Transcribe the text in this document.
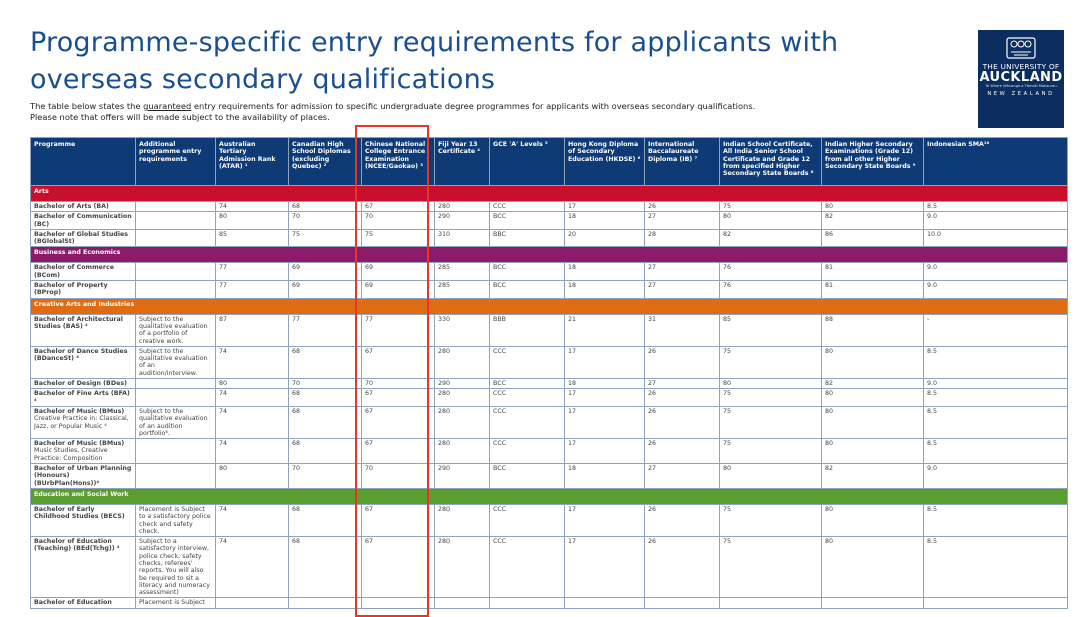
Programme-specific entry requirements for applicants with overseas secondary qualifications
The table below states the guaranteed entry requirements for admission to specific undergraduate degree programmes for applicants with overseas secondary qualifications.
Please note that offers will be made subject to the availability of places.
THE UNIVERSITY OF
AUCKLAND
Te Whare Wānanga o Tāmaki Makaurau
NEW ZEALAND
Programme	Additional programme entry requirements	Australian Tertiary Admission Rank (ATAR) ¹	Canadian High School Diplomas (excluding Quebec) ²	Chinese National College Entrance Examination (NCEE/Gaokao) ³	Fiji Year 13 Certificate ⁴	GCE 'A' Levels ⁵	Hong Kong Diploma of Secondary Education (HKDSE) ⁶	International Baccalaureate Diploma (IB) ⁷	Indian School Certificate, All India Senior School Certificate and Grade 12 from specified Higher Secondary State Boards ⁸	Indian Higher Secondary Examinations (Grade 12) from all other Higher Secondary State Boards ⁹	Indonesian SMA¹⁰
Arts											
Bachelor of Arts (BA)		74	68	67	280	CCC	17	26	75	80	8.5
Bachelor of Communication (BC)		80	70	70	290	BCC	18	27	80	82	9.0
Bachelor of Global Studies (BGlobalSt)		85	75	75	310	BBC	20	28	82	86	10.0
Business and Economics											
Bachelor of Commerce (BCom)		77	69	69	285	BCC	18	27	76	81	9.0
Bachelor of Property (BProp)		77	69	69	285	BCC	18	27	76	81	9.0
Creative Arts and Industries											
Bachelor of Architectural Studies (BAS) ⁴	Subject to the qualitative evaluation of a portfolio of creative work.	87	77	77	330	BBB	21	31	85	88	-
Bachelor of Dance Studies (BDanceSt) ⁴	Subject to the qualitative evaluation of an audition/interview.	74	68	67	280	CCC	17	26	75	80	8.5
Bachelor of Design (BDes)		80	70	70	290	BCC	18	27	80	82	9.0
Bachelor of Fine Arts (BFA) ⁴		74	68	67	280	CCC	17	26	75	80	8.5

Bachelor of Music (BMus)
Creative Practice in: Classical, Jazz, or Popular Music ⁴	Subject to the qualitative evaluation of an audition portfolio⁴.	74	68	67	280	CCC	17	26	75	80	8.5

Bachelor of Music (BMus)
Music Studies, Creative Practice: Composition		74	68	67	280	CCC	17	26	75	80	8.5
Bachelor of Urban Planning (Honours) (BUrbPlan(Hons))⁴		80	70	70	290	BCC	18	27	80	82	9.0
Education and Social Work											
Bachelor of Early Childhood Studies (BECS)	Placement is Subject to a satisfactory police check and safety check.	74	68	67	280	CCC	17	26	75	80	8.5
Bachelor of Education (Teaching) (BEd(Tchg)) ⁴	Subject to a satisfactory interview, police check, safety checks, referees' reports. You will also be required to sit a literacy and numeracy assessment)	74	68	67	280	CCC	17	26	75	80	8.5
Bachelor of Education	Placement is Subject										
